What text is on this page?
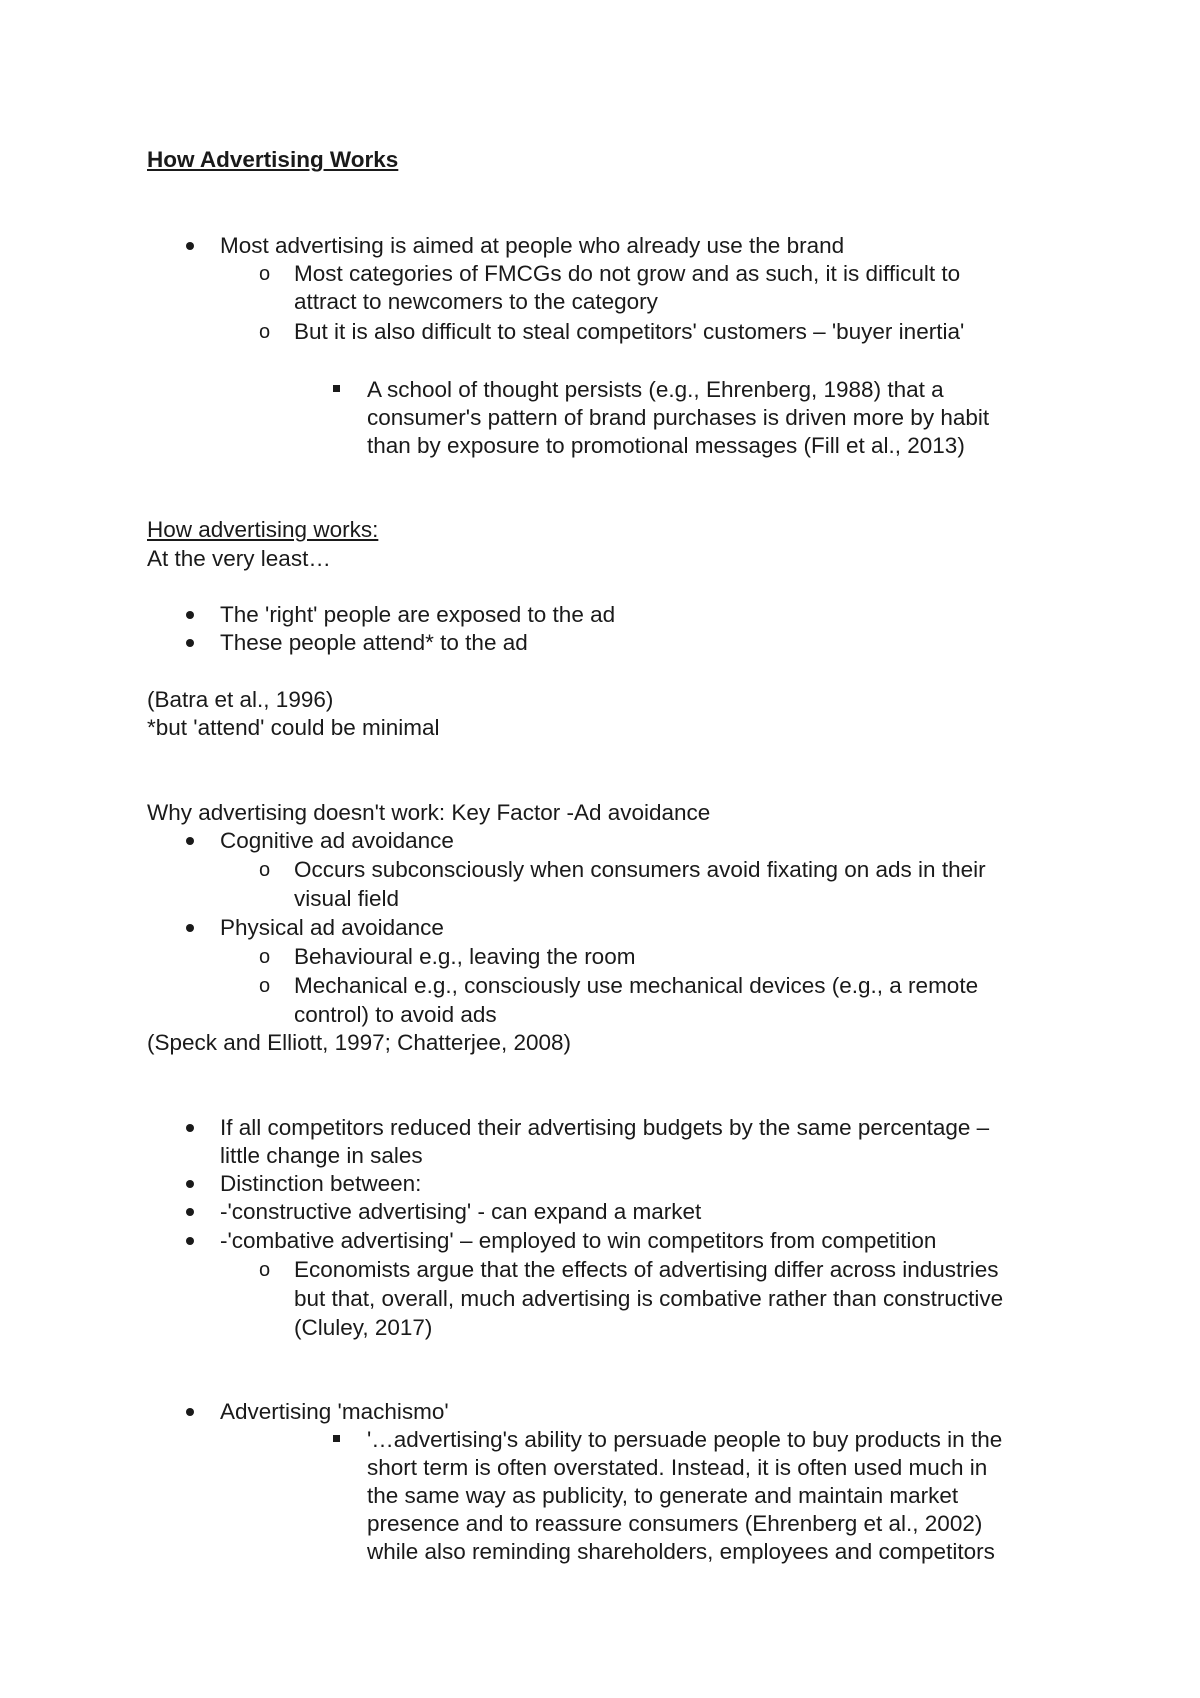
How Advertising Works
Most advertising is aimed at people who already use the brand
o Most categories of FMCGs do not grow and as such, it is difficult to
attract to newcomers to the category
o But it is also difficult to steal competitors' customers – 'buyer inertia'
A school of thought persists (e.g., Ehrenberg, 1988) that a
consumer's pattern of brand purchases is driven more by habit
than by exposure to promotional messages (Fill et al., 2013)
How advertising works:
At the very least…
The 'right' people are exposed to the ad
These people attend* to the ad
(Batra et al., 1996)
*but 'attend' could be minimal
Why advertising doesn't work: Key Factor -Ad avoidance
Cognitive ad avoidance
o Occurs subconsciously when consumers avoid fixating on ads in their
visual field
Physical ad avoidance
o Behavioural e.g., leaving the room
o Mechanical e.g., consciously use mechanical devices (e.g., a remote
control) to avoid ads
(Speck and Elliott, 1997; Chatterjee, 2008)
If all competitors reduced their advertising budgets by the same percentage –
little change in sales
Distinction between:
-'constructive advertising' - can expand a market
-'combative advertising' – employed to win competitors from competition
o Economists argue that the effects of advertising differ across industries
but that, overall, much advertising is combative rather than constructive
(Cluley, 2017)
Advertising 'machismo'
'…advertising's ability to persuade people to buy products in the
short term is often overstated. Instead, it is often used much in
the same way as publicity, to generate and maintain market
presence and to reassure consumers (Ehrenberg et al., 2002)
while also reminding shareholders, employees and competitors
